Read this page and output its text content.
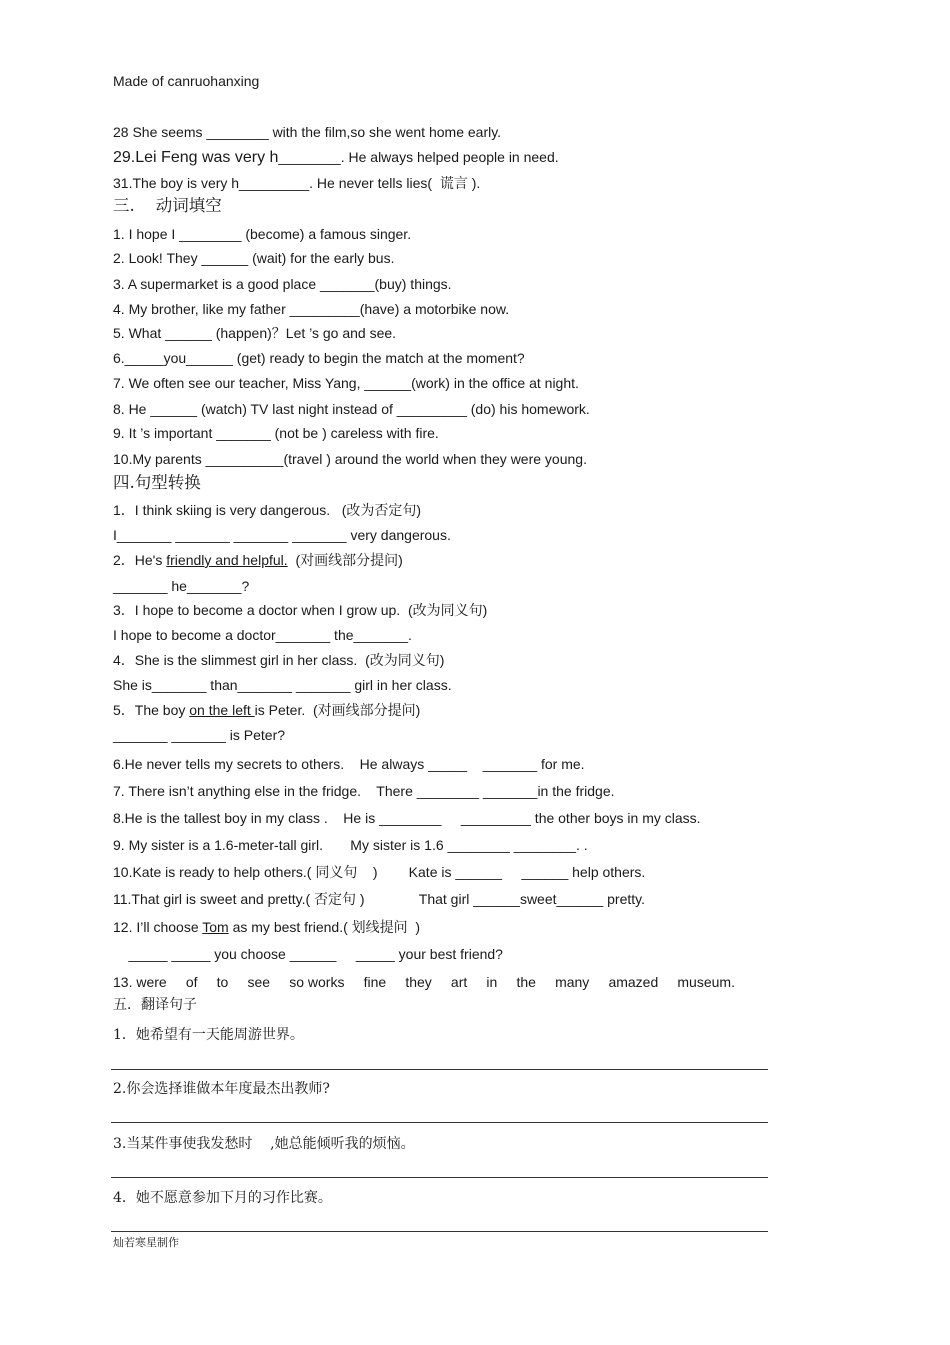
Made of canruohanxing
28 She seems ________ with the film,so she went home early.
29.Lei Feng was very h________. He always helped people in need.
31.The boy is very h_________. He never tells lies(  谎言 ).
三.    动词填空
1. I hope I ________ (become) a famous singer.
2. Look! They ______ (wait) for the early bus.
3. A supermarket is a good place _______(buy) things.
4. My brother, like my father _________(have) a motorbike now.
5. What ______ (happen)？Let ’s go and see.
6._____you______ (get) ready to begin the match at the moment?
7. We often see our teacher, Miss Yang, ______(work) in the office at night.
8. He ______ (watch) TV last night instead of _________ (do) his homework.
9. It ’s important _______ (not be ) careless with fire.
10.My parents __________(travel ) around the world when they were young.
四.句型转换
1．I think skiing is very dangerous.   (改为否定句)
I_______ _______ _______ _______ very dangerous.
2．He's friendly and helpful.  (对画线部分提问)
_______ he_______?
3．I hope to become a doctor when I grow up.  (改为同义句)
I hope to become a doctor_______ the_______.
4．She is the slimmest girl in her class.  (改为同义句)
She is_______ than_______ _______ girl in her class.
5．The boy on the left is Peter.  (对画线部分提问)
_______ _______ is Peter?
6.He never tells my secrets to others.    He always _____    _______ for me.
7. There isn’t anything else in the fridge.    There ________ _______in the fridge.
8.He is the tallest boy in my class .    He is ________     _________ the other boys in my class.
9. My sister is a 1.6-meter-tall girl.       My sister is 1.6 ________ ________. .
10.Kate is ready to help others.( 同义句    )        Kate is ______     ______ help others.
11.That girl is sweet and pretty.( 否定句 )              That girl ______sweet______ pretty.
12. I’ll choose Tom as my best friend.( 划线提问  )
_____ _____ you choose ______     _____ your best friend?
13. were of to see so works fine they art in the many amazed museum.
五．翻译句子
1．她希望有一天能周游世界。
2.你会选择谁做本年度最杰出教师?
3.当某件事使我发愁时    ,她总能倾听我的烦恼。
4．她不愿意参加下月的习作比赛。
灿若寒星制作
